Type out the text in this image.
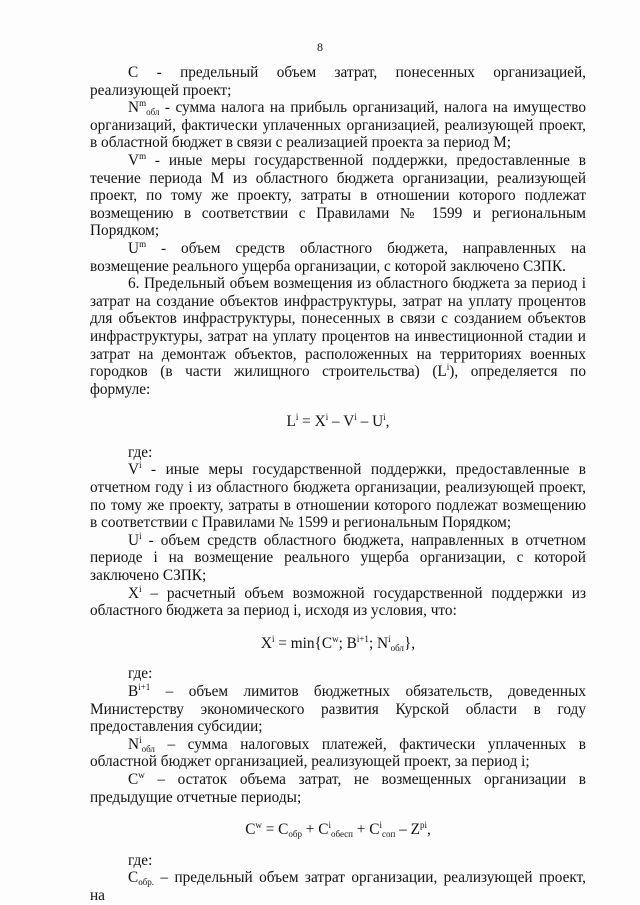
8

С - предельный объем затрат, понесенных организацией, реализующей проект;

$N^m_{обл}$ - сумма налога на прибыль организаций, налога на имущество организаций, фактически уплаченных организацией, реализующей проект, в областной бюджет в связи с реализацией проекта за период М;

$V^m$ - иные меры государственной поддержки, предоставленные в течение периода М из областного бюджета организации, реализующей проект, по тому же проекту, затраты в отношении которого подлежат возмещению в соответствии с Правилами № 1599 и региональным Порядком;

$U^m$ - объем средств областного бюджета, направленных на возмещение реального ущерба организации, с которой заключено СЗПК.

6. Предельный объем возмещения из областного бюджета за период i затрат на создание объектов инфраструктуры, затрат на уплату процентов для объектов инфраструктуры, понесенных в связи с созданием объектов инфраструктуры, затрат на уплату процентов на инвестиционной стадии и затрат на демонтаж объектов, расположенных на территориях военных городков (в части жилищного строительства) $(L^i)$, определяется по формуле:

$L^i = X^i - V^i - U^i$,

где:

$V^i$ - иные меры государственной поддержки, предоставленные в отчетном году i из областного бюджета организации, реализующей проект, по тому же проекту, затраты в отношении которого подлежат возмещению в соответствии с Правилами № 1599 и региональным Порядком;

$U^i$ - объем средств областного бюджета, направленных в отчетном периоде i на возмещение реального ущерба организации, с которой заключено СЗПК;

$X^i$ – расчетный объем возможной государственной поддержки из областного бюджета за период i, исходя из условия, что:

$X^i = \min\{C^w$; $B^{i+1}$; $N^i_{обл}$},

где:

$B^{i+1}$ – объем лимитов бюджетных обязательств, доведенных Министерству экономического развития Курской области в году предоставления субсидии;

$N^i_{обл}$ – сумма налоговых платежей, фактически уплаченных в областной бюджет организацией, реализующей проект, за период i;

$C^w$ – остаток объема затрат, не возмещенных организации в предыдущие отчетные периоды;

$C^w = C_{обр} + C^i_{обесп} + C^i_{соп} - Z^{pi}$,

где:

$C_{обр.}$ – предельный объем затрат организации, реализующей проект, на
